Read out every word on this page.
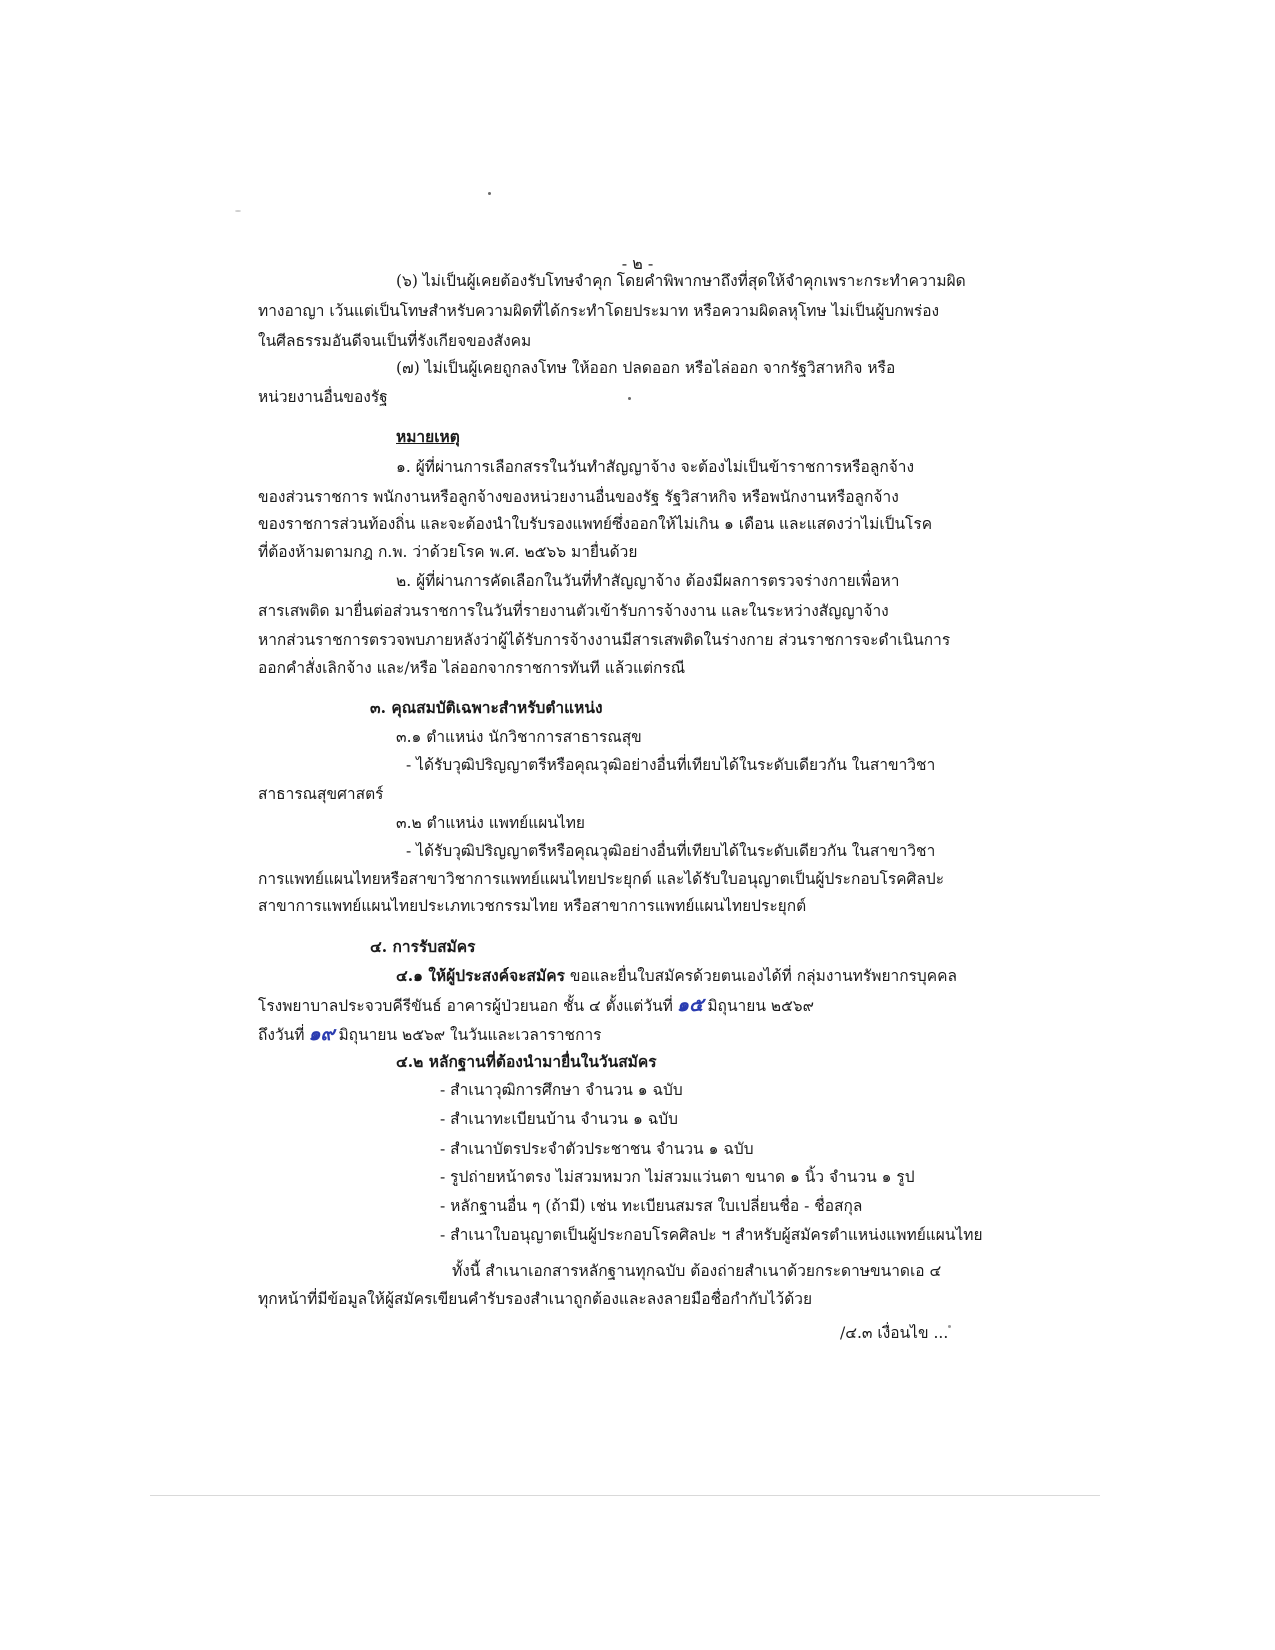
- ๒ -
(๖) ไม่เป็นผู้เคยต้องรับโทษจำคุก โดยคำพิพากษาถึงที่สุดให้จำคุกเพราะกระทำความผิด
ทางอาญา เว้นแต่เป็นโทษสำหรับความผิดที่ได้กระทำโดยประมาท หรือความผิดลหุโทษ ไม่เป็นผู้บกพร่อง
ในศีลธรรมอันดีจนเป็นที่รังเกียจของสังคม
(๗) ไม่เป็นผู้เคยถูกลงโทษ ให้ออก ปลดออก หรือไล่ออก จากรัฐวิสาหกิจ หรือ
หน่วยงานอื่นของรัฐ
หมายเหตุ
๑. ผู้ที่ผ่านการเลือกสรรในวันทำสัญญาจ้าง จะต้องไม่เป็นข้าราชการหรือลูกจ้าง
ของส่วนราชการ พนักงานหรือลูกจ้างของหน่วยงานอื่นของรัฐ รัฐวิสาหกิจ หรือพนักงานหรือลูกจ้าง
ของราชการส่วนท้องถิ่น และจะต้องนำใบรับรองแพทย์ซึ่งออกให้ไม่เกิน ๑ เดือน และแสดงว่าไม่เป็นโรค
ที่ต้องห้ามตามกฎ ก.พ. ว่าด้วยโรค พ.ศ. ๒๕๖๖ มายื่นด้วย
๒. ผู้ที่ผ่านการคัดเลือกในวันที่ทำสัญญาจ้าง ต้องมีผลการตรวจร่างกายเพื่อหา
สารเสพติด มายื่นต่อส่วนราชการในวันที่รายงานตัวเข้ารับการจ้างงาน และในระหว่างสัญญาจ้าง
หากส่วนราชการตรวจพบภายหลังว่าผู้ได้รับการจ้างงานมีสารเสพติดในร่างกาย ส่วนราชการจะดำเนินการ
ออกคำสั่งเลิกจ้าง และ/หรือ ไล่ออกจากราชการทันที แล้วแต่กรณี
๓. คุณสมบัติเฉพาะสำหรับตำแหน่ง
๓.๑ ตำแหน่ง นักวิชาการสาธารณสุข
- ได้รับวุฒิปริญญาตรีหรือคุณวุฒิอย่างอื่นที่เทียบได้ในระดับเดียวกัน ในสาขาวิชา
สาธารณสุขศาสตร์
๓.๒ ตำแหน่ง แพทย์แผนไทย
- ได้รับวุฒิปริญญาตรีหรือคุณวุฒิอย่างอื่นที่เทียบได้ในระดับเดียวกัน ในสาขาวิชา
การแพทย์แผนไทยหรือสาขาวิชาการแพทย์แผนไทยประยุกต์ และได้รับใบอนุญาตเป็นผู้ประกอบโรคศิลปะ
สาขาการแพทย์แผนไทยประเภทเวชกรรมไทย หรือสาขาการแพทย์แผนไทยประยุกต์
๔. การรับสมัคร
๔.๑ ให้ผู้ประสงค์จะสมัคร ขอและยื่นใบสมัครด้วยตนเองได้ที่ กลุ่มงานทรัพยากรบุคคล
โรงพยาบาลประจวบคีรีขันธ์ อาคารผู้ป่วยนอก ชั้น ๔ ตั้งแต่วันที่ ๑๕ มิถุนายน ๒๕๖๙
ถึงวันที่ ๑๙ มิถุนายน ๒๕๖๙ ในวันและเวลาราชการ
๔.๒ หลักฐานที่ต้องนำมายื่นในวันสมัคร
- สำเนาวุฒิการศึกษา จำนวน ๑ ฉบับ
- สำเนาทะเบียนบ้าน จำนวน ๑ ฉบับ
- สำเนาบัตรประจำตัวประชาชน จำนวน ๑ ฉบับ
- รูปถ่ายหน้าตรง ไม่สวมหมวก ไม่สวมแว่นตา ขนาด ๑ นิ้ว จำนวน ๑ รูป
- หลักฐานอื่น ๆ (ถ้ามี) เช่น ทะเบียนสมรส ใบเปลี่ยนชื่อ - ชื่อสกุล
- สำเนาใบอนุญาตเป็นผู้ประกอบโรคศิลปะ ฯ สำหรับผู้สมัครตำแหน่งแพทย์แผนไทย
ทั้งนี้ สำเนาเอกสารหลักฐานทุกฉบับ ต้องถ่ายสำเนาด้วยกระดาษขนาดเอ ๔
ทุกหน้าที่มีข้อมูลให้ผู้สมัครเขียนคำรับรองสำเนาถูกต้องและลงลายมือชื่อกำกับไว้ด้วย
/๔.๓ เงื่อนไข ...
